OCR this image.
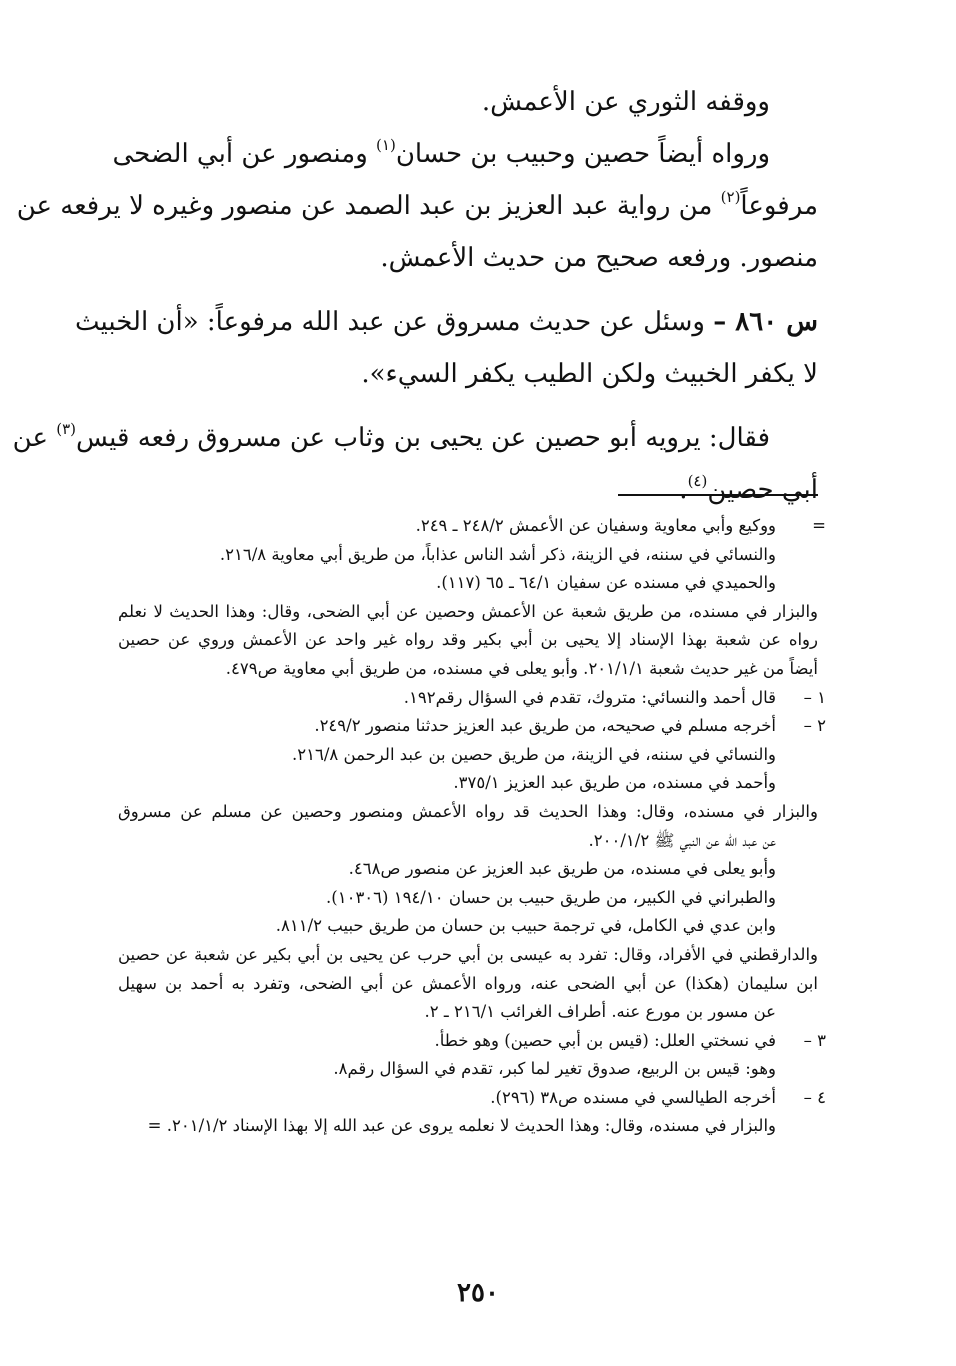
ووقفه الثوري عن الأعمش.
ورواه أيضاً حصين وحبيب بن حسان$^{(١)}$ ومنصور عن أبي الضحى
مرفوعاً$^{(٢)}$ من رواية عبد العزيز بن عبد الصمد عن منصور وغيره لا يرفعه عن
منصور. ورفعه صحيح من حديث الأعمش.
س ٨٦٠ – وسئل عن حديث مسروق عن عبد الله مرفوعاً: «أن الخبيث
لا يكفر الخبيث ولكن الطيب يكفر السيء».
فقال: يرويه أبو حصين عن يحيى بن وثاب عن مسروق رفعه قيس$^{(٣)}$ عن
أبي حصين$^{(٤)}$.
=
ووكيع وأبي معاوية وسفيان عن الأعمش ٢٤٨/٢ ـ ٢٤٩.
والنسائي في سننه، في الزينة، ذكر أشد الناس عذاباً، من طريق أبي معاوية ٢١٦/٨.
والحميدي في مسنده عن سفيان ٦٤/١ ـ ٦٥ (١١٧).
والبزار في مسنده، من طريق شعبة عن الأعمش وحصين عن أبي الضحى، وقال: وهذا الحديث لا نعلم
رواه عن شعبة بهذا الإسناد إلا يحيى بن أبي بكير وقد رواه غير واحد عن الأعمش وروي عن حصين
أيضاً من غير حديث شعبة ٢٠١/١/١. وأبو يعلى في مسنده، من طريق أبي معاوية ص٤٧٩.
١ –
قال أحمد والنسائي: متروك، تقدم في السؤال رقم١٩٢.
٢ –
أخرجه مسلم في صحيحه، من طريق عبد العزيز حدثنا منصور ٢٤٩/٢.
والنسائي في سننه، في الزينة، من طريق حصين بن عبد الرحمن ٢١٦/٨.
وأحمد في مسنده، من طريق عبد العزيز ٣٧٥/١.
والبزار في مسنده، وقال: وهذا الحديث قد رواه الأعمش ومنصور وحصين عن مسلم عن مسروق
عن عبد الله عن النبي ﷺ ٢٠٠/١/٢.
وأبو يعلى في مسنده، من طريق عبد العزيز عن منصور ص٤٦٨.
والطبراني في الكبير، من طريق حبيب بن حسان ١٩٤/١٠ (١٠٣٠٦).
وابن عدي في الكامل، في ترجمة حبيب بن حسان من طريق حبيب ٨١١/٢.
والدارقطني في الأفراد، وقال: تفرد به عيسى بن أبي حرب عن يحيى بن أبي بكير عن شعبة عن حصين
ابن سليمان (هكذا) عن أبي الضحى عنه، ورواه الأعمش عن أبي الضحى، وتفرد به أحمد بن سهيل
عن مسور بن مورع عنه. أطراف الغرائب ٢١٦/١ ـ ٢.
٣ –
في نسختي العلل: (قيس بن أبي حصين) وهو خطأ.
وهو: قيس بن الربيع، صدوق تغير لما كبر، تقدم في السؤال رقم٨.
٤ –
أخرجه الطيالسي في مسنده ص٣٨ (٢٩٦).
والبزار في مسنده، وقال: وهذا الحديث لا نعلمه يروى عن عبد الله إلا بهذا الإسناد ٢٠١/١/٢. =
٢٥٠
